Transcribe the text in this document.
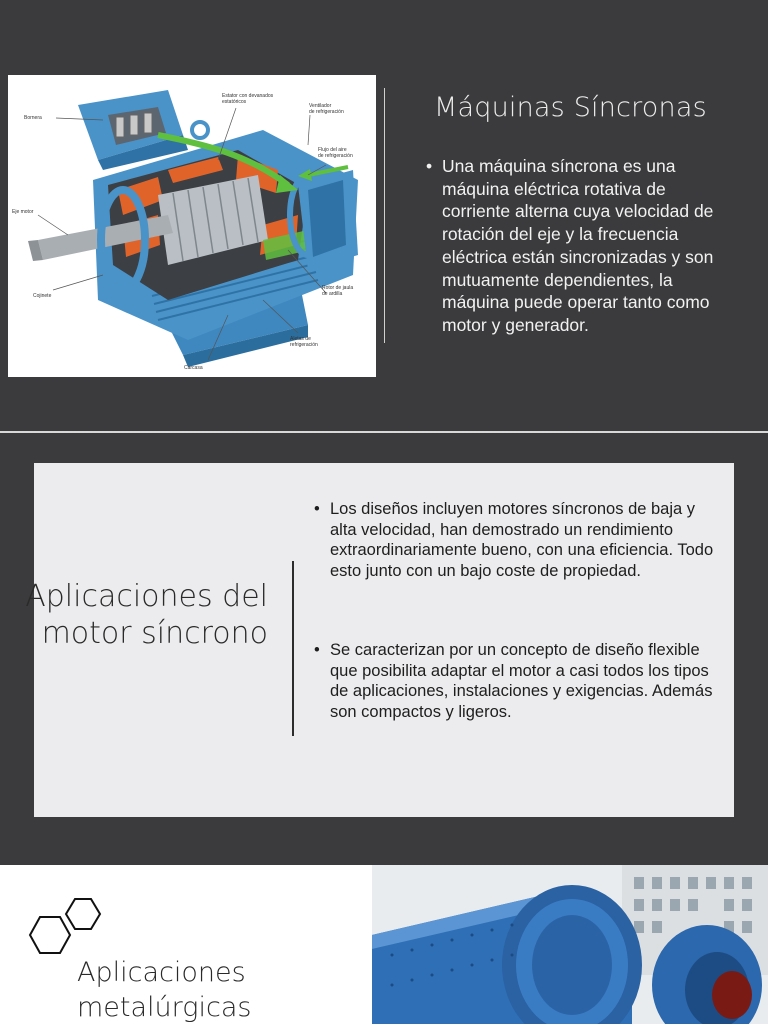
Bornera
Estator con devanados
estatóricos
Ventilador
de refrigeración
Flujo del aire
de refrigeración
Eje motor
Cojinete
Rotor de jaula
de ardilla
Aletas de
refrigeración
Carcasa
Máquinas Síncronas
• Una máquina síncrona es una máquina eléctrica rotativa de corriente alterna cuya velocidad de rotación del eje y la frecuencia eléctrica están sincronizadas y son mutuamente dependientes, la máquina puede operar tanto como motor y generador.
Aplicaciones del motor síncrono
• Los diseños incluyen motores síncronos de baja y alta velocidad, han demostrado un rendimiento extraordinariamente bueno, con una eficiencia. Todo esto junto con un bajo coste de propiedad.
• Se caracterizan por un concepto de diseño flexible que posibilita adaptar el motor a casi todos los tipos de aplicaciones, instalaciones y exigencias. Además son compactos y ligeros.
Aplicaciones
metalúrgicas
